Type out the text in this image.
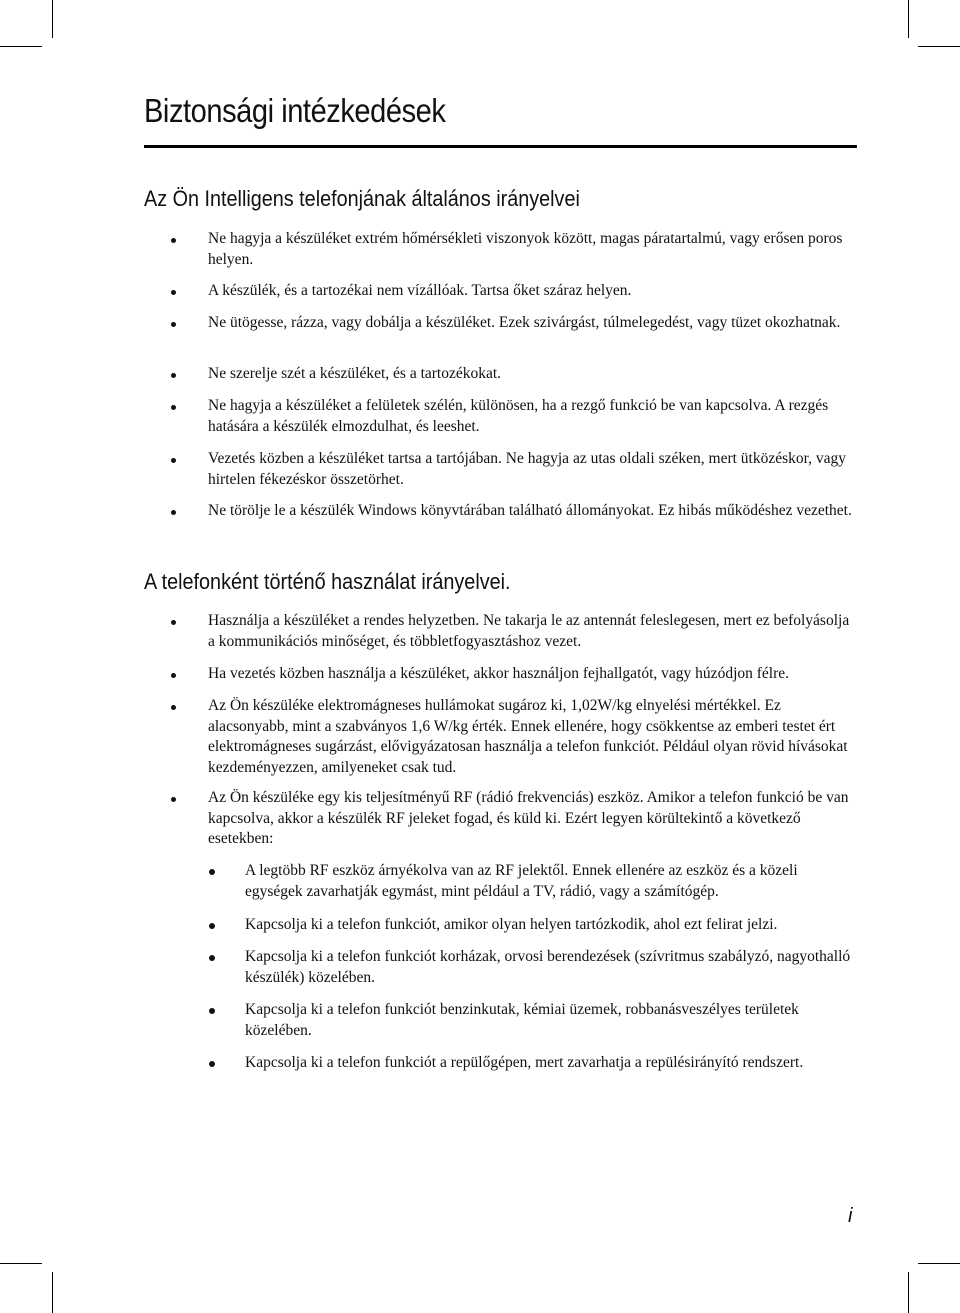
Biztonsági intézkedések
Az Ön Intelligens telefonjának általános irányelvei
Ne hagyja a készüléket extrém hőmérsékleti viszonyok között, magas páratartalmú, vagy erősen poros helyen.
A készülék, és a tartozékai nem vízállóak. Tartsa őket száraz helyen.
Ne ütögesse, rázza, vagy dobálja a készüléket. Ezek szivárgást, túlmelegedést, vagy tüzet okozhatnak.
Ne szerelje szét a készüléket, és a tartozékokat.
Ne hagyja a készüléket a felületek szélén, különösen, ha a rezgő funkció be van kapcsolva. A rezgés hatására a készülék elmozdulhat, és leeshet.
Vezetés közben a készüléket tartsa a tartójában. Ne hagyja az utas oldali széken, mert ütközéskor, vagy hirtelen fékezéskor összetörhet.
Ne törölje le a készülék Windows könyvtárában található állományokat. Ez hibás működéshez vezethet.
A telefonként történő használat irányelvei.
Használja a készüléket a rendes helyzetben. Ne takarja le az antennát feleslegesen, mert ez befolyásolja a kommunikációs minőséget, és többletfogyasztáshoz vezet.
Ha vezetés közben használja a készüléket, akkor használjon fejhallgatót, vagy húzódjon félre.
Az Ön készüléke elektromágneses hullámokat sugároz ki, 1,02W/kg elnyelési mértékkel. Ez alacsonyabb, mint a szabványos 1,6 W/kg érték. Ennek ellenére, hogy csökkentse az emberi testet ért elektromágneses sugárzást, elővigyázatosan használja a telefon funkciót. Például olyan rövid hívásokat kezdeményezzen, amilyeneket csak tud.
Az Ön készüléke egy kis teljesítményű RF (rádió frekvenciás) eszköz. Amikor a telefon funkció be van kapcsolva, akkor a készülék RF jeleket fogad, és küld ki. Ezért legyen körültekintő a következő esetekben:
A legtöbb RF eszköz árnyékolva van az RF jelektől. Ennek ellenére az eszköz és a közeli egységek zavarhatják egymást, mint például a TV, rádió, vagy a számítógép.
Kapcsolja ki a telefon funkciót, amikor olyan helyen tartózkodik, ahol ezt felirat jelzi.
Kapcsolja ki a telefon funkciót korházak, orvosi berendezések (szívritmus szabályzó, nagyothalló készülék) közelében.
Kapcsolja ki a telefon funkciót benzinkutak, kémiai üzemek, robbanásveszélyes területek közelében.
Kapcsolja ki a telefon funkciót a repülőgépen, mert zavarhatja a repülésirányító rendszert.
i
